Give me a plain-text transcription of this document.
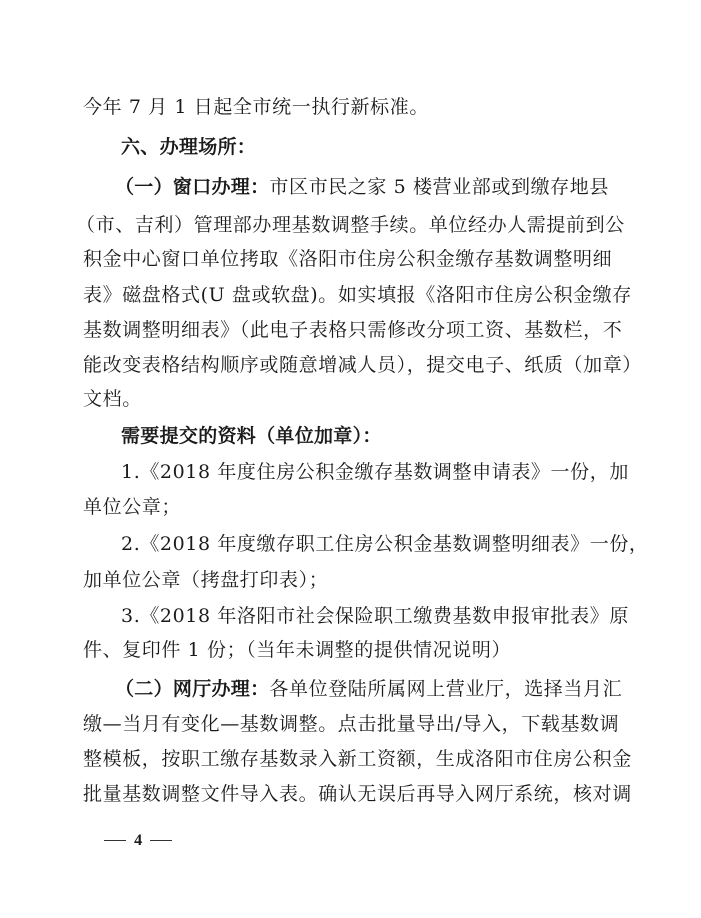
今年 7 月 1 日起全市统一执行新标准。
六、办理场所：
（一）窗口办理：市区市民之家 5 楼营业部或到缴存地县
（市、吉利）管理部办理基数调整手续。单位经办人需提前到公
积金中心窗口单位拷取《洛阳市住房公积金缴存基数调整明细
表》磁盘格式(U 盘或软盘)。如实填报《洛阳市住房公积金缴存
基数调整明细表》（此电子表格只需修改分项工资、基数栏，不
能改变表格结构顺序或随意增减人员），提交电子、纸质（加章）
文档。
需要提交的资料（单位加章）：
1.《2018 年度住房公积金缴存基数调整申请表》一份，加
单位公章；
2.《2018 年度缴存职工住房公积金基数调整明细表》一份，
加单位公章（拷盘打印表）；
3.《2018 年洛阳市社会保险职工缴费基数申报审批表》原
件、复印件 1 份；（当年未调整的提供情况说明）
（二）网厅办理：各单位登陆所属网上营业厅，选择当月汇
缴—当月有变化—基数调整。点击批量导出/导入，下载基数调
整模板，按职工缴存基数录入新工资额，生成洛阳市住房公积金
批量基数调整文件导入表。确认无误后再导入网厅系统，核对调
4
